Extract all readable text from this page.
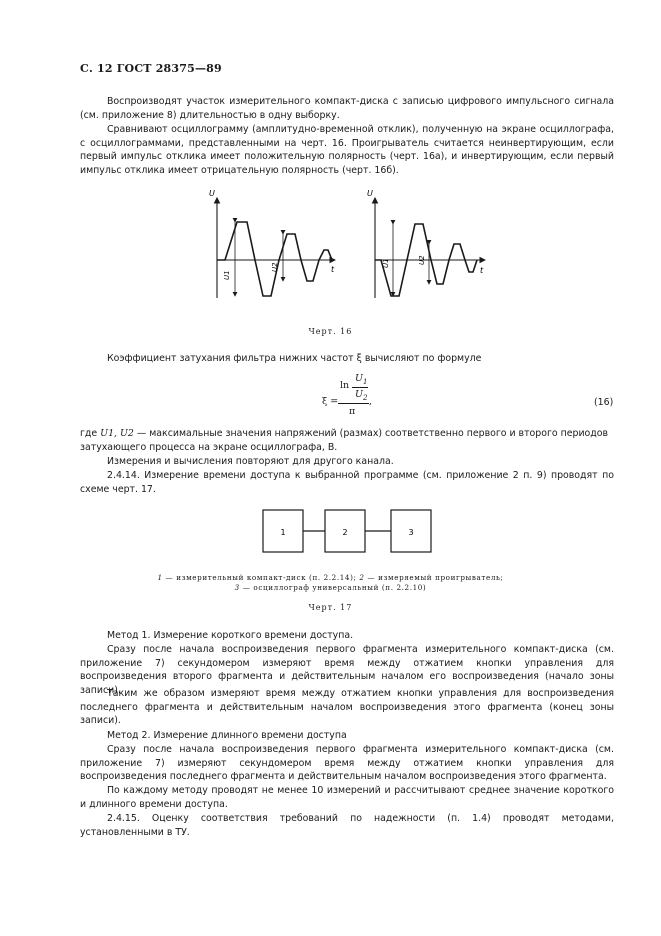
С. 12 ГОСТ 28375—89
Воспроизводят участок измерительного компакт-диска с записью цифрового импульсного сигнала (см. приложение 8) длительностью в одну выборку.
Сравнивают осциллограмму (амплитудно-временной отклик), полученную на экране осциллографа, с осциллограммами, представленными на черт. 16. Проигрыватель считается неинвертирующим, если первый импульс отклика имеет положительную полярность (черт. 16а), и инвертирующим, если первый импульс отклика имеет отрицательную полярность (черт. 16б).
U
t
U1
U2
U
t
U1	U2
Черт. 16
Коэффициент затухания фильтра нижних частот ξ вычисляют по формуле
ξ =
ln
$U_1$
$U_2$
π
,	(16)
где U1, U2 — максимальные значения напряжений (размах) соответственно первого и второго периодов затухающего процесса на экране осциллографа, В.
Измерения и вычисления повторяют для другого канала.
2.4.14. Измерение времени доступа к выбранной программе (см. приложение 2 п. 9) проводят по схеме черт. 17.
1	2	3
1 — измерительный компакт-диск (п. 2.2.14); 2 — измеряемый проигрыватель;
3 — осциллограф универсальный (п. 2.2.10)
Черт. 17
Метод 1. Измерение короткого времени доступа.
Сразу после начала воспроизведения первого фрагмента измерительного компакт-диска (см. приложение 7) секундомером измеряют время между отжатием кнопки управления для воспроизведения второго фрагмента и действительным началом его воспроизведения (начало зоны записи).
Таким же образом измеряют время между отжатием кнопки управления для воспроизведения последнего фрагмента и действительным началом воспроизведения этого фрагмента (конец зоны записи).
Метод 2. Измерение длинного времени доступа
Сразу после начала воспроизведения первого фрагмента измерительного компакт-диска (см. приложение 7) измеряют секундомером время между отжатием кнопки управления для воспроизведения последнего фрагмента и действительным началом воспроизведения этого фрагмента.
По каждому методу проводят не менее 10 измерений и рассчитывают среднее значение короткого и длинного времени доступа.
2.4.15. Оценку соответствия требований по надежности (п. 1.4) проводят методами, установленными в ТУ.
